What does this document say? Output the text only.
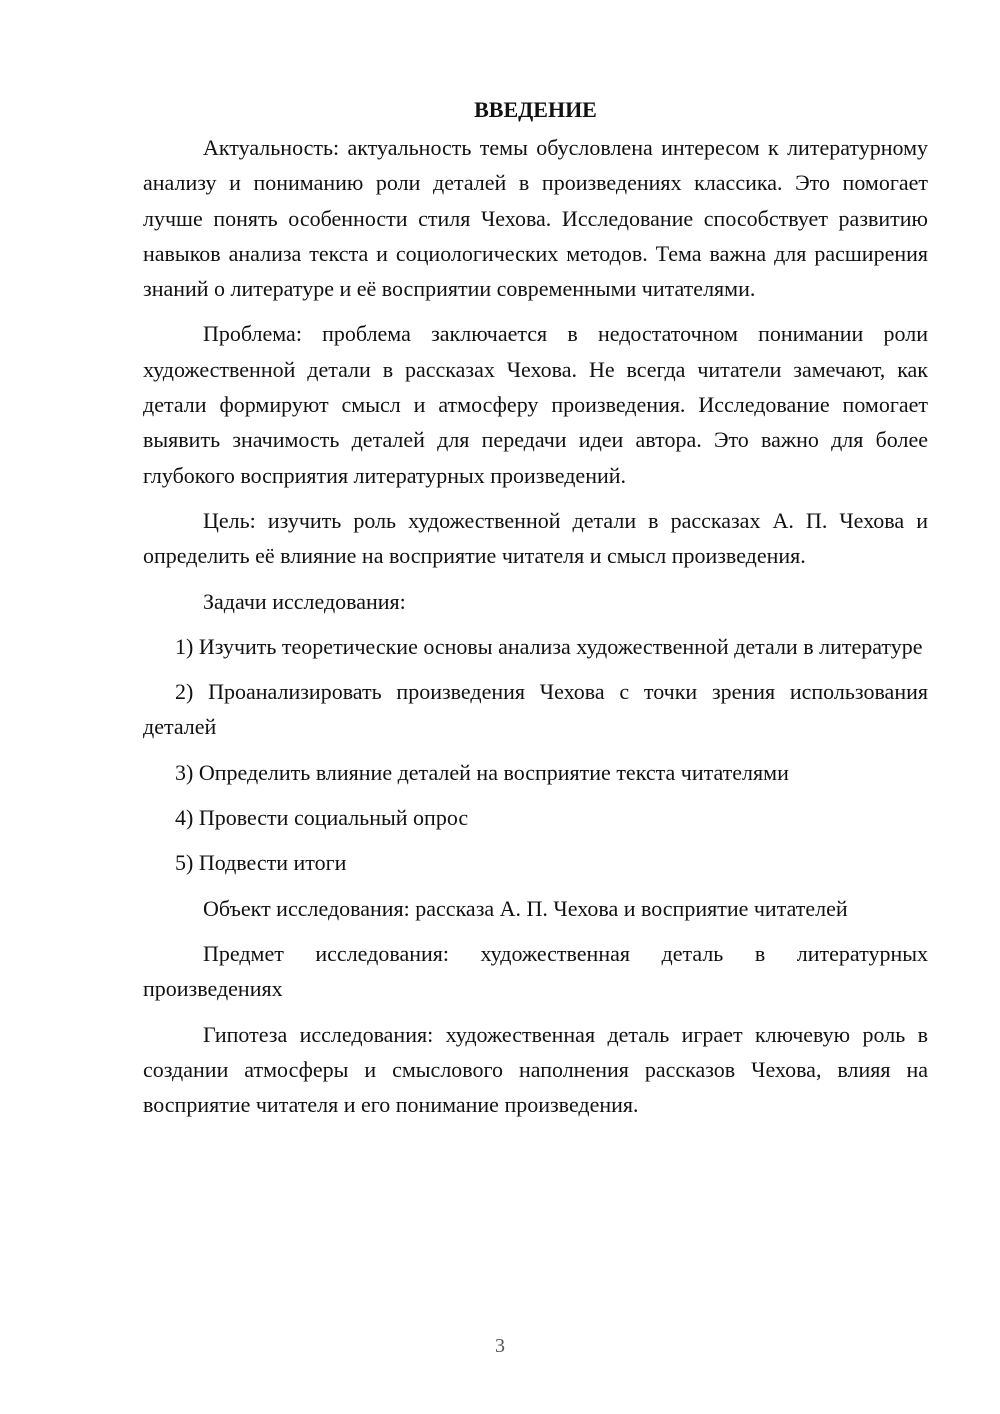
ВВЕДЕНИЕ

Актуальность: актуальность темы обусловлена интересом к литературному анализу и пониманию роли деталей в произведениях классика. Это помогает лучше понять особенности стиля Чехова. Исследование способствует развитию навыков анализа текста и социологических методов. Тема важна для расширения знаний о литературе и её восприятии современными читателями.

Проблема: проблема заключается в недостаточном понимании роли художественной детали в рассказах Чехова. Не всегда читатели замечают, как детали формируют смысл и атмосферу произведения. Исследование помогает выявить значимость деталей для передачи идеи автора. Это важно для более глубокого восприятия литературных произведений.

Цель: изучить роль художественной детали в рассказах А. П. Чехова и определить её влияние на восприятие читателя и смысл произведения.

Задачи исследования:

1) Изучить теоретические основы анализа художественной детали в литературе

2) Проанализировать произведения Чехова с точки зрения использования деталей

3) Определить влияние деталей на восприятие текста читателями

4) Провести социальный опрос

5) Подвести итоги

Объект исследования: рассказа А. П. Чехова и восприятие читателей

Предмет исследования: художественная деталь в литературных произведениях

Гипотеза исследования: художественная деталь играет ключевую роль в создании атмосферы и смыслового наполнения рассказов Чехова, влияя на восприятие читателя и его понимание произведения.

3
